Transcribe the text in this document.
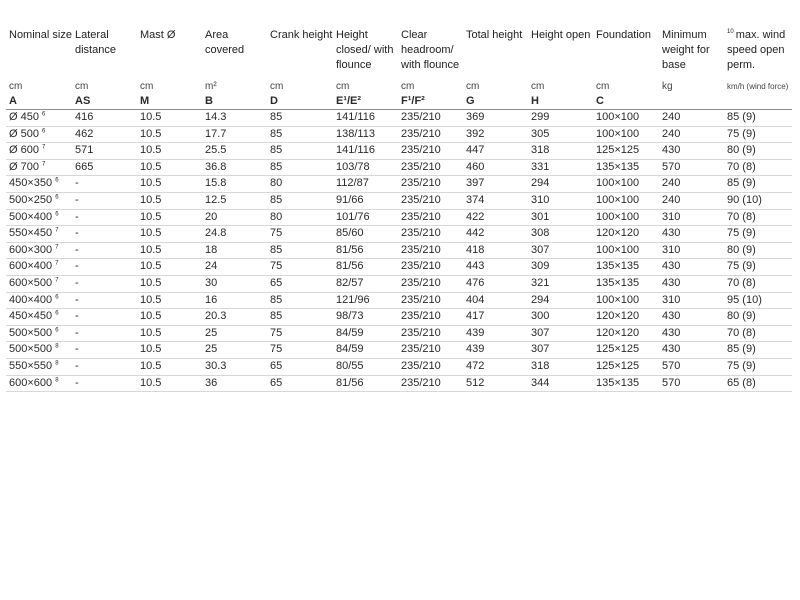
Nominal size	Lateral distance	Mast Ø	Area covered	Crank height	Height closed/ with flounce	Clear headroom/ with flounce	Total height	Height open	Foundation	Minimum weight for base	$^{10}$ max. wind speed open perm.
cm	cm	cm	m²	cm	cm	cm	cm	cm	cm	kg	km/h (wind force)
A	AS	M	B	D	E¹/E²	F¹/F²	G	H	C		
Ø 450 $^6$	416	10.5	14.3	85	141/116	235/210	369	299	100×100	240	85 (9)
Ø 500 $^6$	462	10.5	17.7	85	138/113	235/210	392	305	100×100	240	75 (9)
Ø 600 $^7$	571	10.5	25.5	85	141/116	235/210	447	318	125×125	430	80 (9)
Ø 700 $^7$	665	10.5	36.8	85	103/78	235/210	460	331	135×135	570	70 (8)
450×350 $^6$	-	10.5	15.8	80	112/87	235/210	397	294	100×100	240	85 (9)
500×250 $^6$	-	10.5	12.5	85	91/66	235/210	374	310	100×100	240	90 (10)
500×400 $^6$	-	10.5	20	80	101/76	235/210	422	301	100×100	310	70 (8)
550×450 $^7$	-	10.5	24.8	75	85/60	235/210	442	308	120×120	430	75 (9)
600×300 $^7$	-	10.5	18	85	81/56	235/210	418	307	100×100	310	80 (9)
600×400 $^7$	-	10.5	24	75	81/56	235/210	443	309	135×135	430	75 (9)
600×500 $^7$	-	10.5	30	65	82/57	235/210	476	321	135×135	430	70 (8)
400×400 $^6$	-	10.5	16	85	121/96	235/210	404	294	100×100	310	95 (10)
450×450 $^6$	-	10.5	20.3	85	98/73	235/210	417	300	120×120	430	80 (9)
500×500 $^6$	-	10.5	25	75	84/59	235/210	439	307	120×120	430	70 (8)
500×500 $^8$	-	10.5	25	75	84/59	235/210	439	307	125×125	430	85 (9)
550×550 $^8$	-	10.5	30.3	65	80/55	235/210	472	318	125×125	570	75 (9)
600×600 $^8$	-	10.5	36	65	81/56	235/210	512	344	135×135	570	65 (8)
